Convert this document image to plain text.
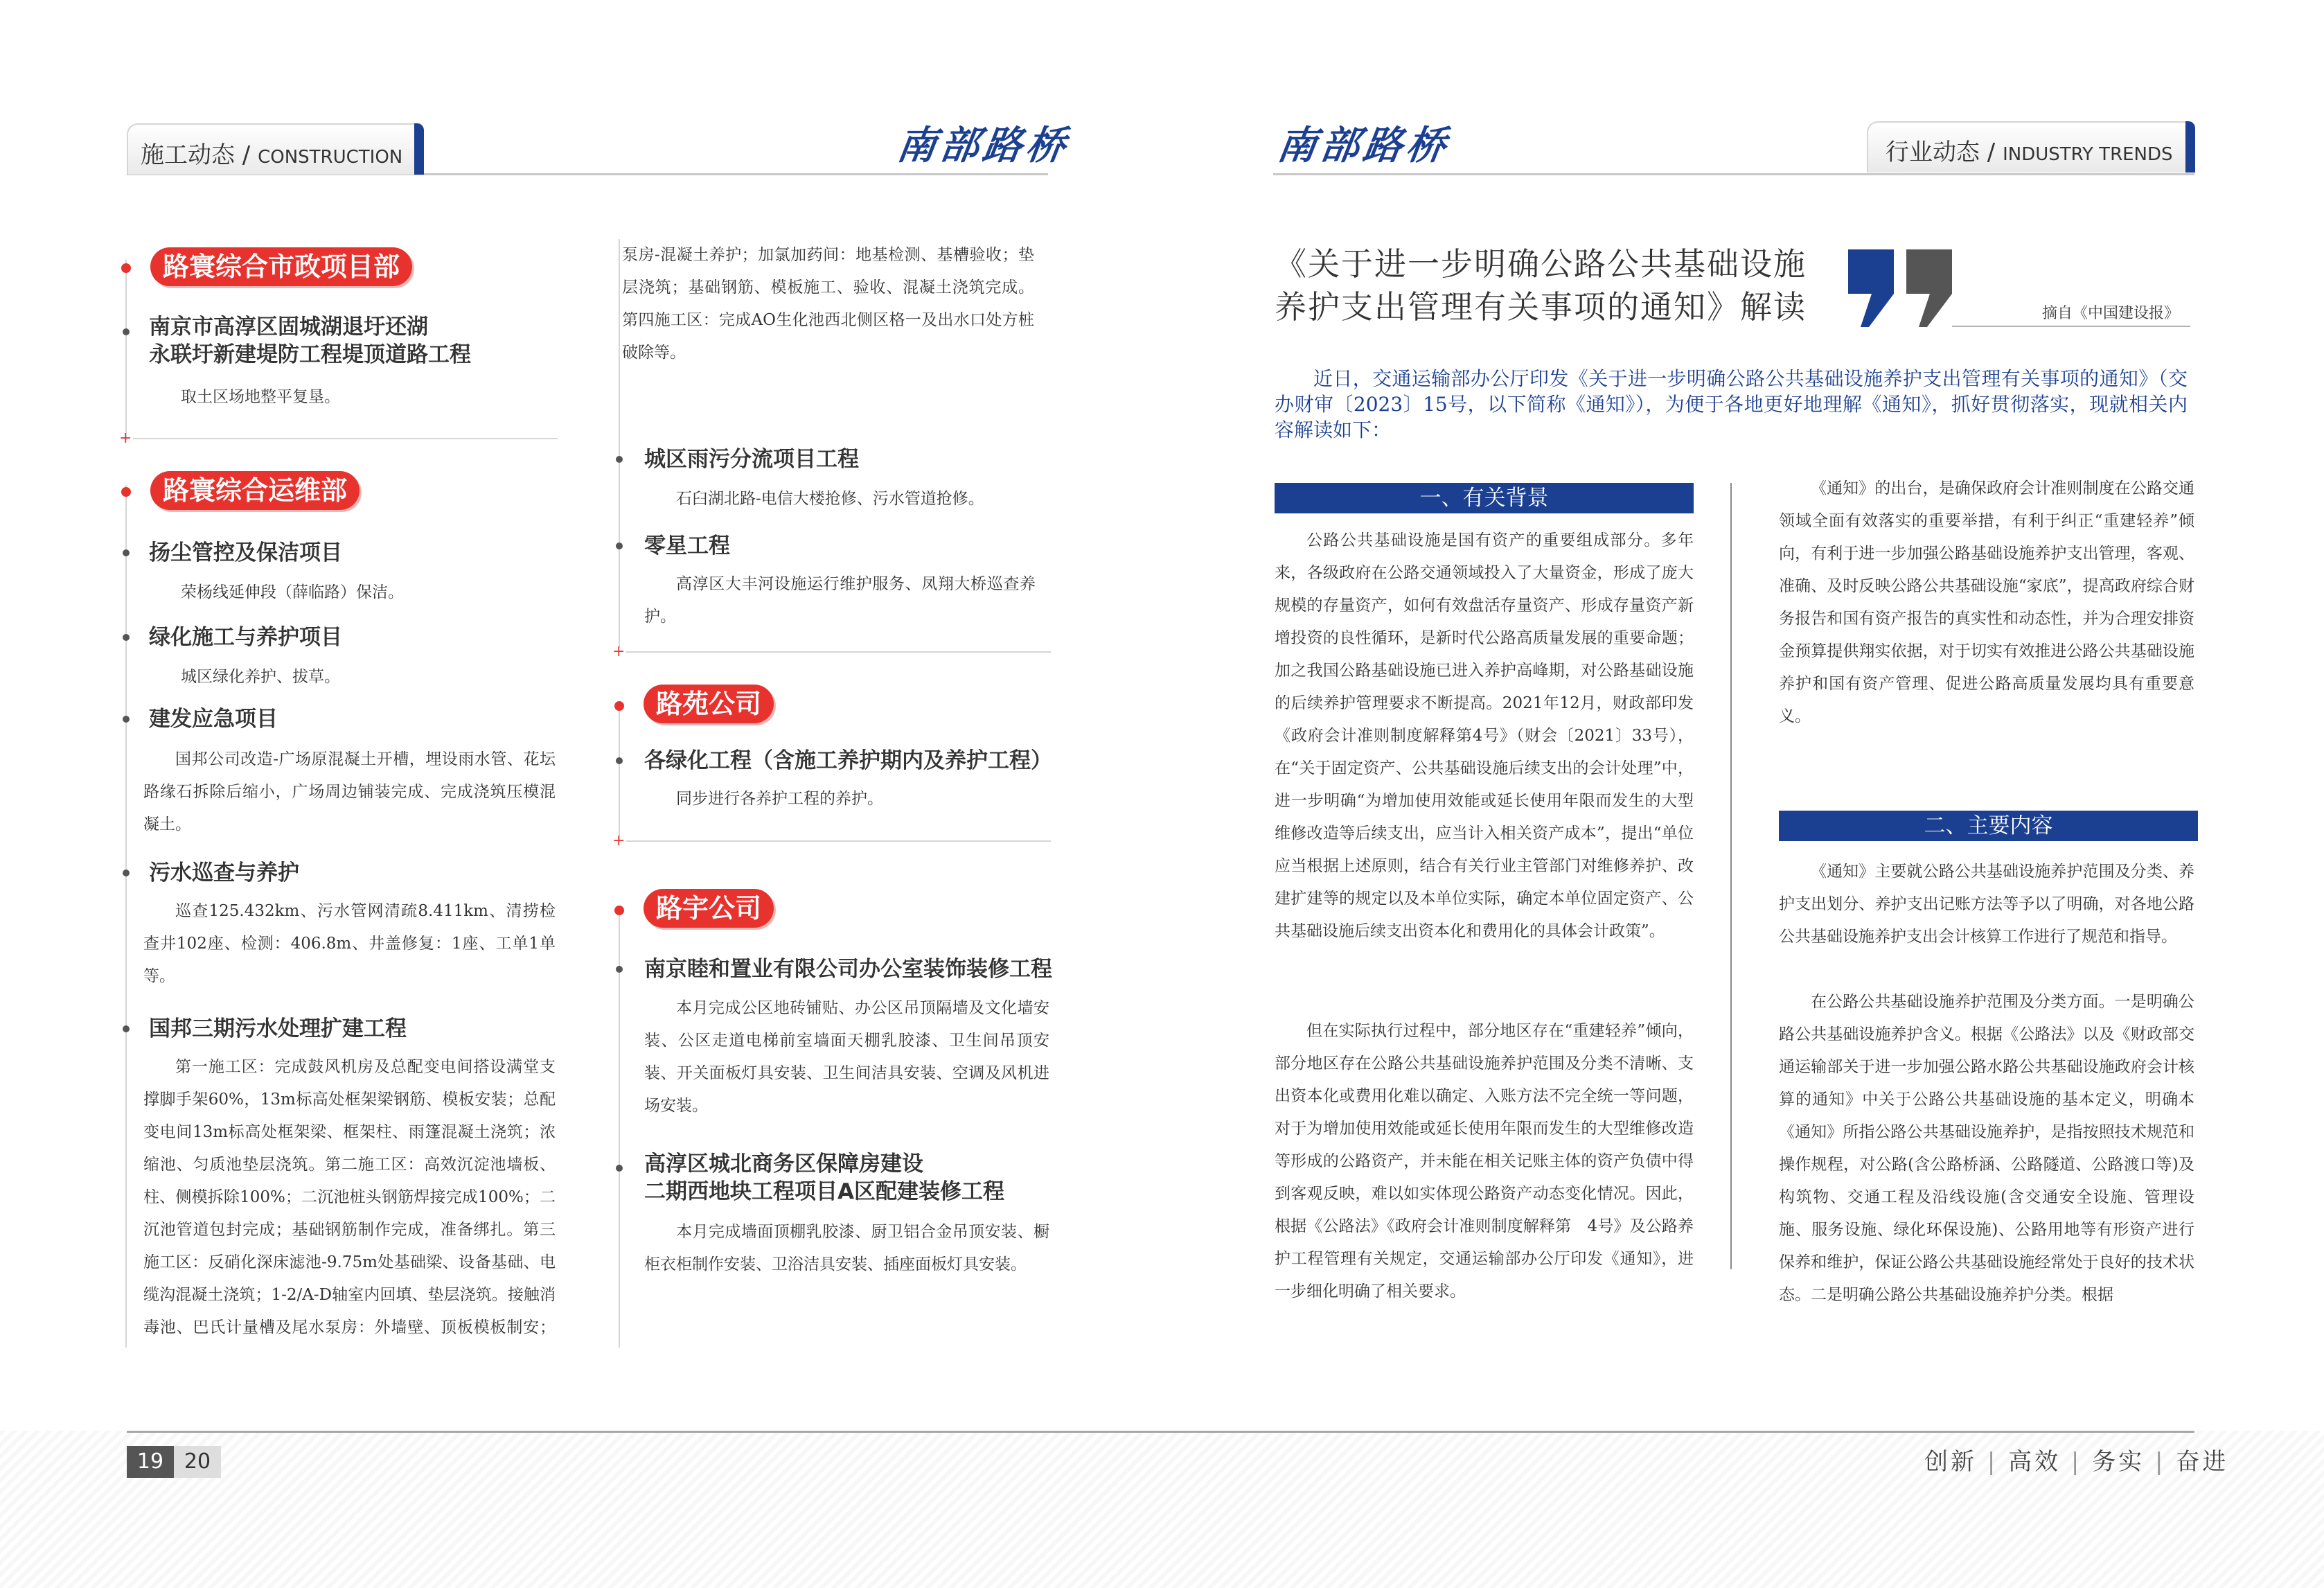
施工动态 / CONSTRUCTION	南部路桥	南部路桥	行业动态 / INDUSTRY TRENDS
路寰综合市政项目部
南京市高淳区固城湖退圩还湖
永联圩新建堤防工程堤顶道路工程
取土区场地整平复垦。
+
路寰综合运维部
扬尘管控及保洁项目
荣杨线延伸段（薛临路）保洁。
绿化施工与养护项目
城区绿化养护、拔草。
建发应急项目
国邦公司改造-广场原混凝土开槽，埋设雨水管、花坛路缘石拆除后缩小，广场周边铺装完成、完成浇筑压模混凝土。
污水巡查与养护
巡查125.432km、污水管网清疏8.411km、清捞检查井102座、检测：406.8m、井盖修复：1座、工单1单等。
国邦三期污水处理扩建工程
第一施工区：完成鼓风机房及总配变电间搭设满堂支撑脚手架60%，13m标高处框架梁钢筋、模板安装；总配变电间13m标高处框架梁、框架柱、雨篷混凝土浇筑；浓缩池、匀质池垫层浇筑。第二施工区：高效沉淀池墙板、柱、侧模拆除100%；二沉池桩头钢筋焊接完成100%；二沉池管道包封完成；基础钢筋制作完成，准备绑扎。第三施工区：反硝化深床滤池-9.75m处基础梁、设备基础、电缆沟混凝土浇筑；1-2/A-D轴室内回填、垫层浇筑。接触消毒池、巴氏计量槽及尾水泵房：外墙壁、顶板模板制安；
泵房-混凝土养护；加氯加药间：地基检测、基槽验收；垫层浇筑；基础钢筋、模板施工、验收、混凝土浇筑完成。第四施工区：完成AO生化池西北侧区格一及出水口处方桩破除等。
城区雨污分流项目工程
石臼湖北路-电信大楼抢修、污水管道抢修。
零星工程
高淳区大丰河设施运行维护服务、凤翔大桥巡查养护。
+
路苑公司
各绿化工程（含施工养护期内及养护工程）
同步进行各养护工程的养护。
+
路宇公司
南京睦和置业有限公司办公室装饰装修工程
本月完成公区地砖铺贴、办公区吊顶隔墙及文化墙安装、公区走道电梯前室墙面天棚乳胶漆、卫生间吊顶安装、开关面板灯具安装、卫生间洁具安装、空调及风机进场安装。
高淳区城北商务区保障房建设
二期西地块工程项目A区配建装修工程
本月完成墙面顶棚乳胶漆、厨卫铝合金吊顶安装、橱柜衣柜制作安装、卫浴洁具安装、插座面板灯具安装。
《关于进一步明确公路公共基础设施
养护支出管理有关事项的通知》解读	摘自《中国建设报》
近日，交通运输部办公厅印发《关于进一步明确公路公共基础设施养护支出管理有关事项的通知》（交办财审〔2023〕15号，以下简称《通知》），为便于各地更好地理解《通知》，抓好贯彻落实，现就相关内容解读如下：
一、有关背景
公路公共基础设施是国有资产的重要组成部分。多年来，各级政府在公路交通领域投入了大量资金，形成了庞大规模的存量资产，如何有效盘活存量资产、形成存量资产新增投资的良性循环，是新时代公路高质量发展的重要命题；加之我国公路基础设施已进入养护高峰期，对公路基础设施的后续养护管理要求不断提高。2021年12月，财政部印发《政府会计准则制度解释第4号》（财会〔2021〕33号），在“关于固定资产、公共基础设施后续支出的会计处理”中，进一步明确“为增加使用效能或延长使用年限而发生的大型维修改造等后续支出，应当计入相关资产成本”，提出“单位应当根据上述原则，结合有关行业主管部门对维修养护、改建扩建等的规定以及本单位实际，确定本单位固定资产、公共基础设施后续支出资本化和费用化的具体会计政策”。
但在实际执行过程中，部分地区存在“重建轻养”倾向，部分地区存在公路公共基础设施养护范围及分类不清晰、支出资本化或费用化难以确定、入账方法不完全统一等问题，对于为增加使用效能或延长使用年限而发生的大型维修改造等形成的公路资产，并未能在相关记账主体的资产负债中得到客观反映，难以如实体现公路资产动态变化情况。因此，根据《公路法》《政府会计准则制度解释第　4号》及公路养护工程管理有关规定，交通运输部办公厅印发《通知》，进一步细化明确了相关要求。
《通知》的出台，是确保政府会计准则制度在公路交通领域全面有效落实的重要举措，有利于纠正“重建轻养”倾向，有利于进一步加强公路基础设施养护支出管理，客观、准确、及时反映公路公共基础设施“家底”，提高政府综合财务报告和国有资产报告的真实性和动态性，并为合理安排资金预算提供翔实依据，对于切实有效推进公路公共基础设施养护和国有资产管理、促进公路高质量发展均具有重要意义。
二、主要内容
《通知》主要就公路公共基础设施养护范围及分类、养护支出划分、养护支出记账方法等予以了明确，对各地公路公共基础设施养护支出会计核算工作进行了规范和指导。
在公路公共基础设施养护范围及分类方面。一是明确公路公共基础设施养护含义。根据《公路法》以及《财政部交通运输部关于进一步加强公路水路公共基础设施政府会计核算的通知》中关于公路公共基础设施的基本定义，明确本《通知》所指公路公共基础设施养护，是指按照技术规范和操作规程，对公路(含公路桥涵、公路隧道、公路渡口等)及构筑物、交通工程及沿线设施(含交通安全设施、管理设施、服务设施、绿化环保设施)、公路用地等有形资产进行保养和维护，保证公路公共基础设施经常处于良好的技术状态。二是明确公路公共基础设施养护分类。根据
19 20	创新 | 高效 | 务实 | 奋进
